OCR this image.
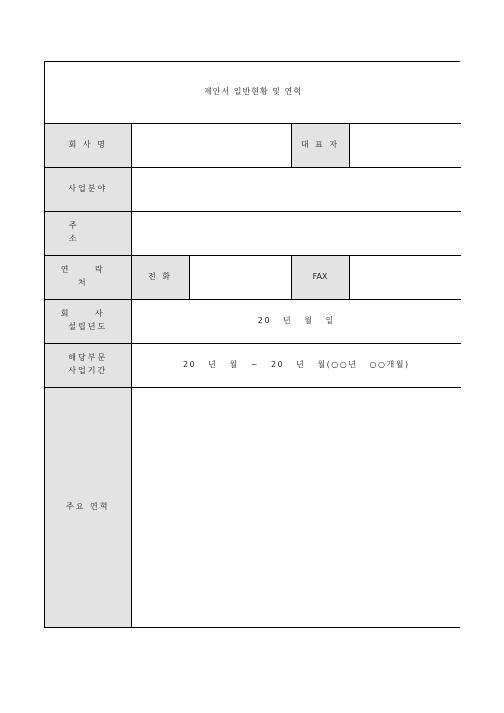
제안서 일반현황 및 연혁				
회 사 명			대 표 자	
사업분야				
주 소				
연 락 처	전 화		FAX	

회 사
설립년도	20 년 월 일			

해당부문
사업기간	20 년 월 ~ 20 년 월(○○년 ○○개월)			
주요 연혁				
